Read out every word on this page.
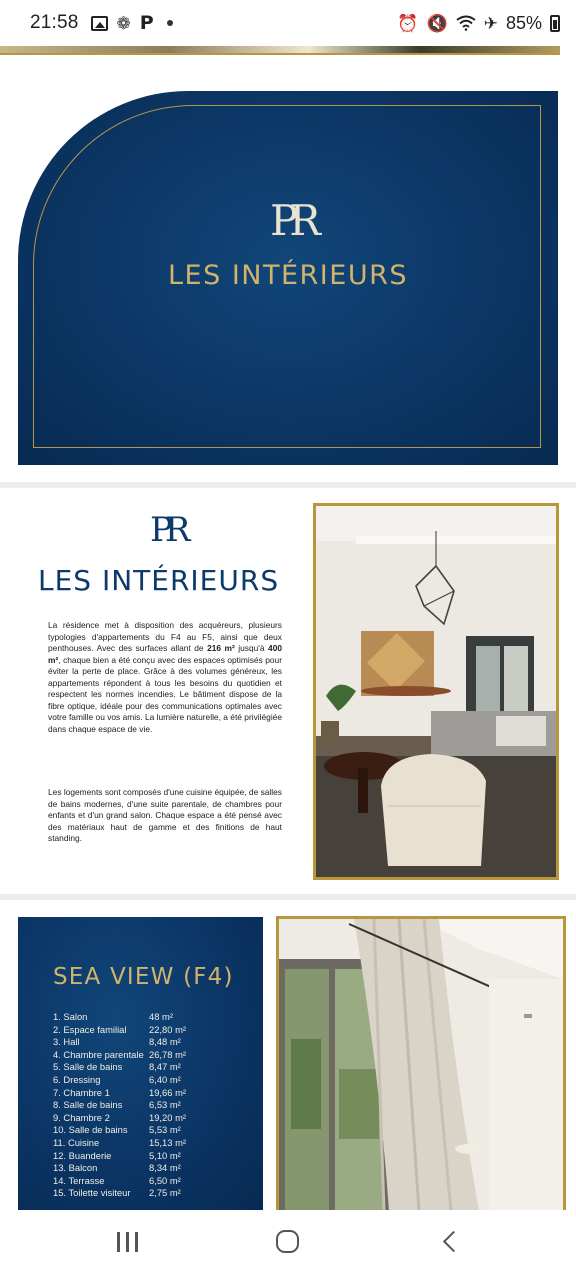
21:58 ❁ P	⏰ 🔇 ✈ 85%
PR
LES INTÉRIEURS
PR
LES INTÉRIEURS

La résidence met à disposition des acquéreurs, plusieurs typologies d'appartements du F4 au F5, ainsi que deux penthouses. Avec des surfaces allant de 216 m² jusqu'à 400 m², chaque bien a été conçu avec des espaces optimisés pour éviter la perte de place. Grâce à des volumes généreux, les appartements répondent à tous les besoins du quotidien et respectent les normes incendies. Le bâtiment dispose de la fibre optique, idéale pour des communications optimales avec votre famille ou vos amis. La lumière naturelle, a été privilégiée dans chaque espace de vie.

Les logements sont composés d'une cuisine équipée, de salles de bains modernes, d'une suite parentale, de chambres pour enfants et d'un grand salon. Chaque espace a été pensé avec des matériaux haut de gamme et des finitions de haut standing.

SEA VIEW (F4)
1. Salon	48 m²
2. Espace familial	22,80 m²
3. Hall	8,48 m²
4. Chambre parentale 26,78 m²
5. Salle de bains	8,47 m²
6. Dressing	6,40 m²
7. Chambre 1	19,66 m²
8. Salle de bains	6,53 m²
9. Chambre 2	19,20 m²
10. Salle de bains	5,53 m²
11. Cuisine	15,13 m²
12. Buanderie	5,10 m²
13. Balcon	8,34 m²
14. Terrasse	6,50 m²
15. Toilette visiteur	2,75 m²
